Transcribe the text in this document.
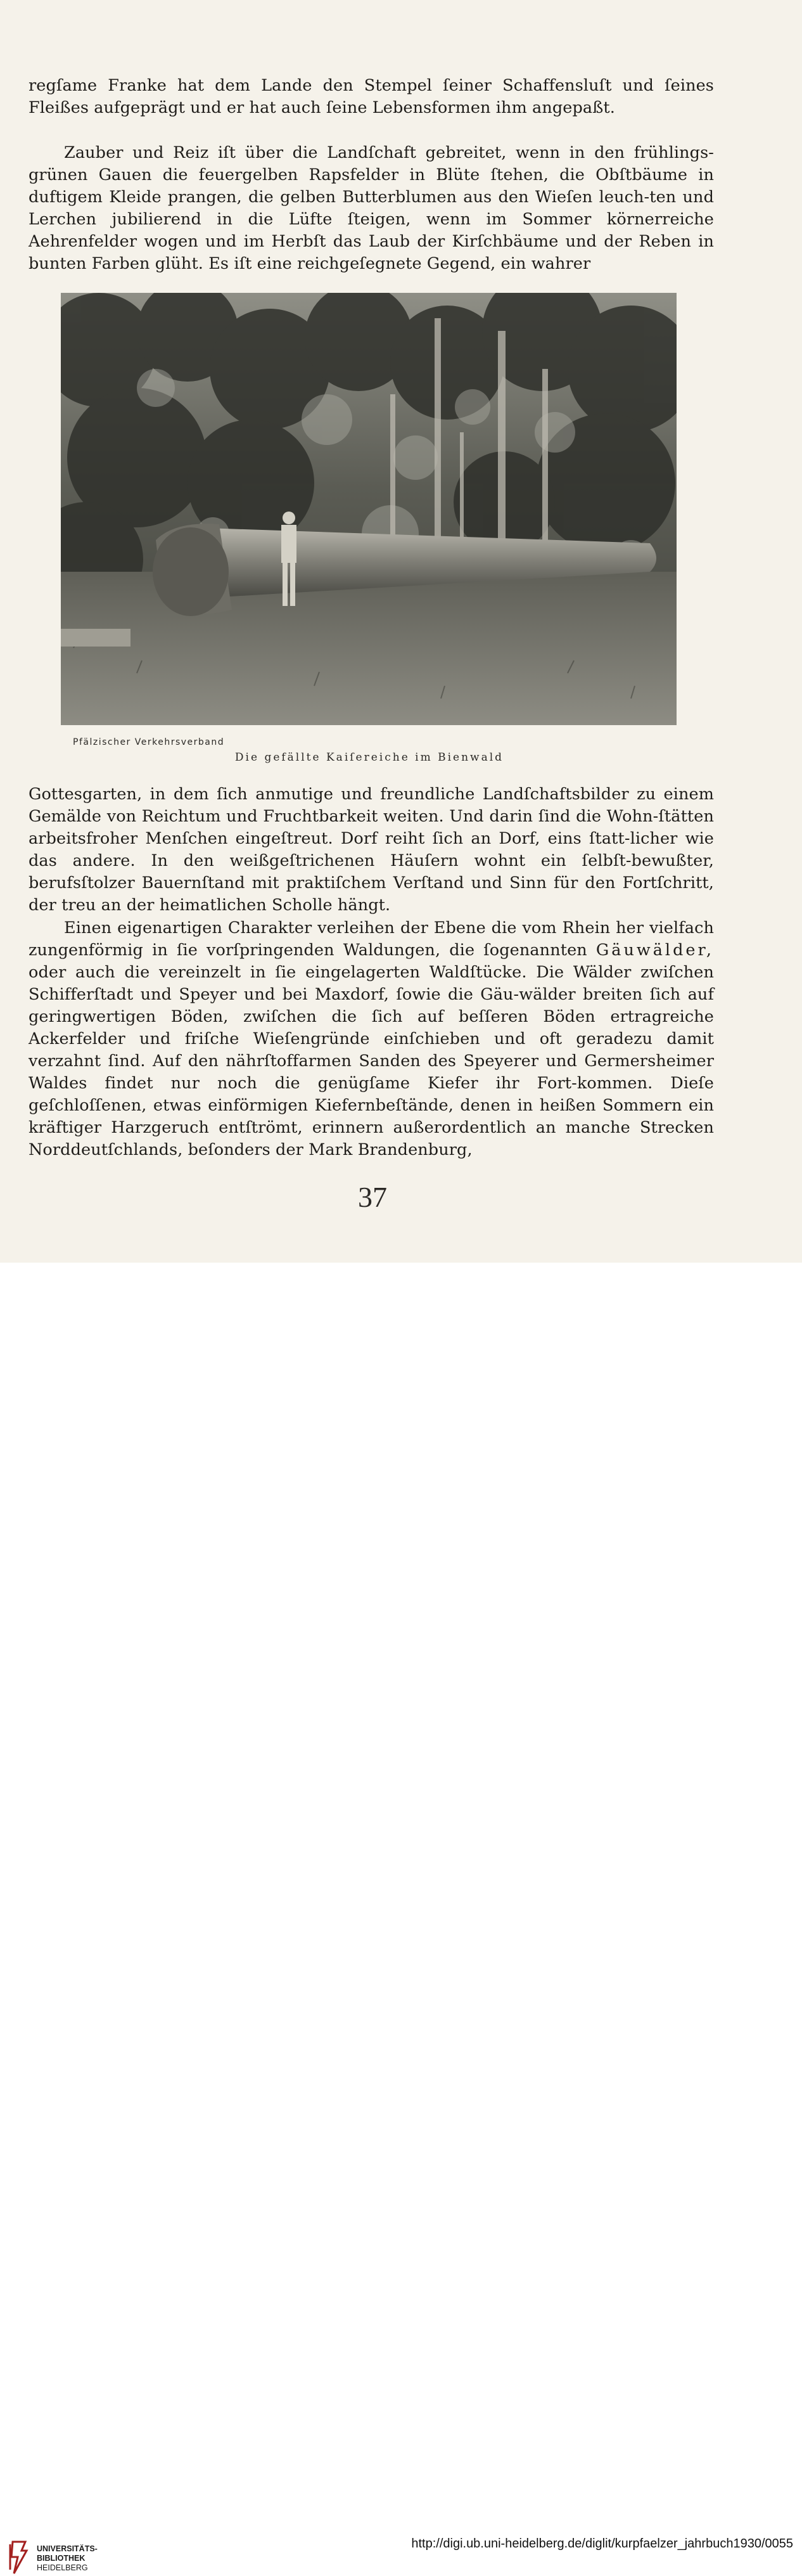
regſame Franke hat dem Lande den Stempel ſeiner Schaffensluſt und ſeines Fleißes aufgeprägt und er hat auch ſeine Lebensformen ihm angepaßt.

Zauber und Reiz iſt über die Landſchaft gebreitet, wenn in den frühlings-grünen Gauen die feuergelben Rapsfelder in Blüte ſtehen, die Obſtbäume in duftigem Kleide prangen, die gelben Butterblumen aus den Wieſen leuch-ten und Lerchen jubilierend in die Lüfte ſteigen, wenn im Sommer körnerreiche Aehrenfelder wogen und im Herbſt das Laub der Kirſchbäume und der Reben in bunten Farben glüht. Es iſt eine reichgeſegnete Gegend, ein wahrer

Pfälzischer Verkehrsverband
Die gefällte Kaiſereiche im Bienwald

Gottesgarten, in dem ſich anmutige und freundliche Landſchaftsbilder zu einem Gemälde von Reichtum und Fruchtbarkeit weiten. Und darin ſind die Wohn-ſtätten arbeitsfroher Menſchen eingeſtreut. Dorf reiht ſich an Dorf, eins ſtatt-licher wie das andere. In den weißgeſtrichenen Häuſern wohnt ein ſelbſt-bewußter, berufsſtolzer Bauernſtand mit praktiſchem Verſtand und Sinn für den Fortſchritt, der treu an der heimatlichen Scholle hängt.

Einen eigenartigen Charakter verleihen der Ebene die vom Rhein her vielfach zungenförmig in ſie vorſpringenden Waldungen, die ſogenannten Gäuwälder, oder auch die vereinzelt in ſie eingelagerten Waldſtücke. Die Wälder zwiſchen Schifferſtadt und Speyer und bei Maxdorf, ſowie die Gäu-wälder breiten ſich auf geringwertigen Böden, zwiſchen die ſich auf beſſeren Böden ertragreiche Ackerfelder und friſche Wieſengründe einſchieben und oft geradezu damit verzahnt ſind. Auf den nährſtoffarmen Sanden des Speyerer und Germersheimer Waldes findet nur noch die genügſame Kiefer ihr Fort-kommen. Dieſe geſchloſſenen, etwas einförmigen Kiefernbeſtände, denen in heißen Sommern ein kräftiger Harzgeruch entſtrömt, erinnern außerordentlich an manche Strecken Norddeutſchlands, beſonders der Mark Brandenburg,

37
UNIVERSITÄTS-
BIBLIOTHEK
HEIDELBERG
http://digi.ub.uni-heidelberg.de/diglit/kurpfaelzer_jahrbuch1930/0055
